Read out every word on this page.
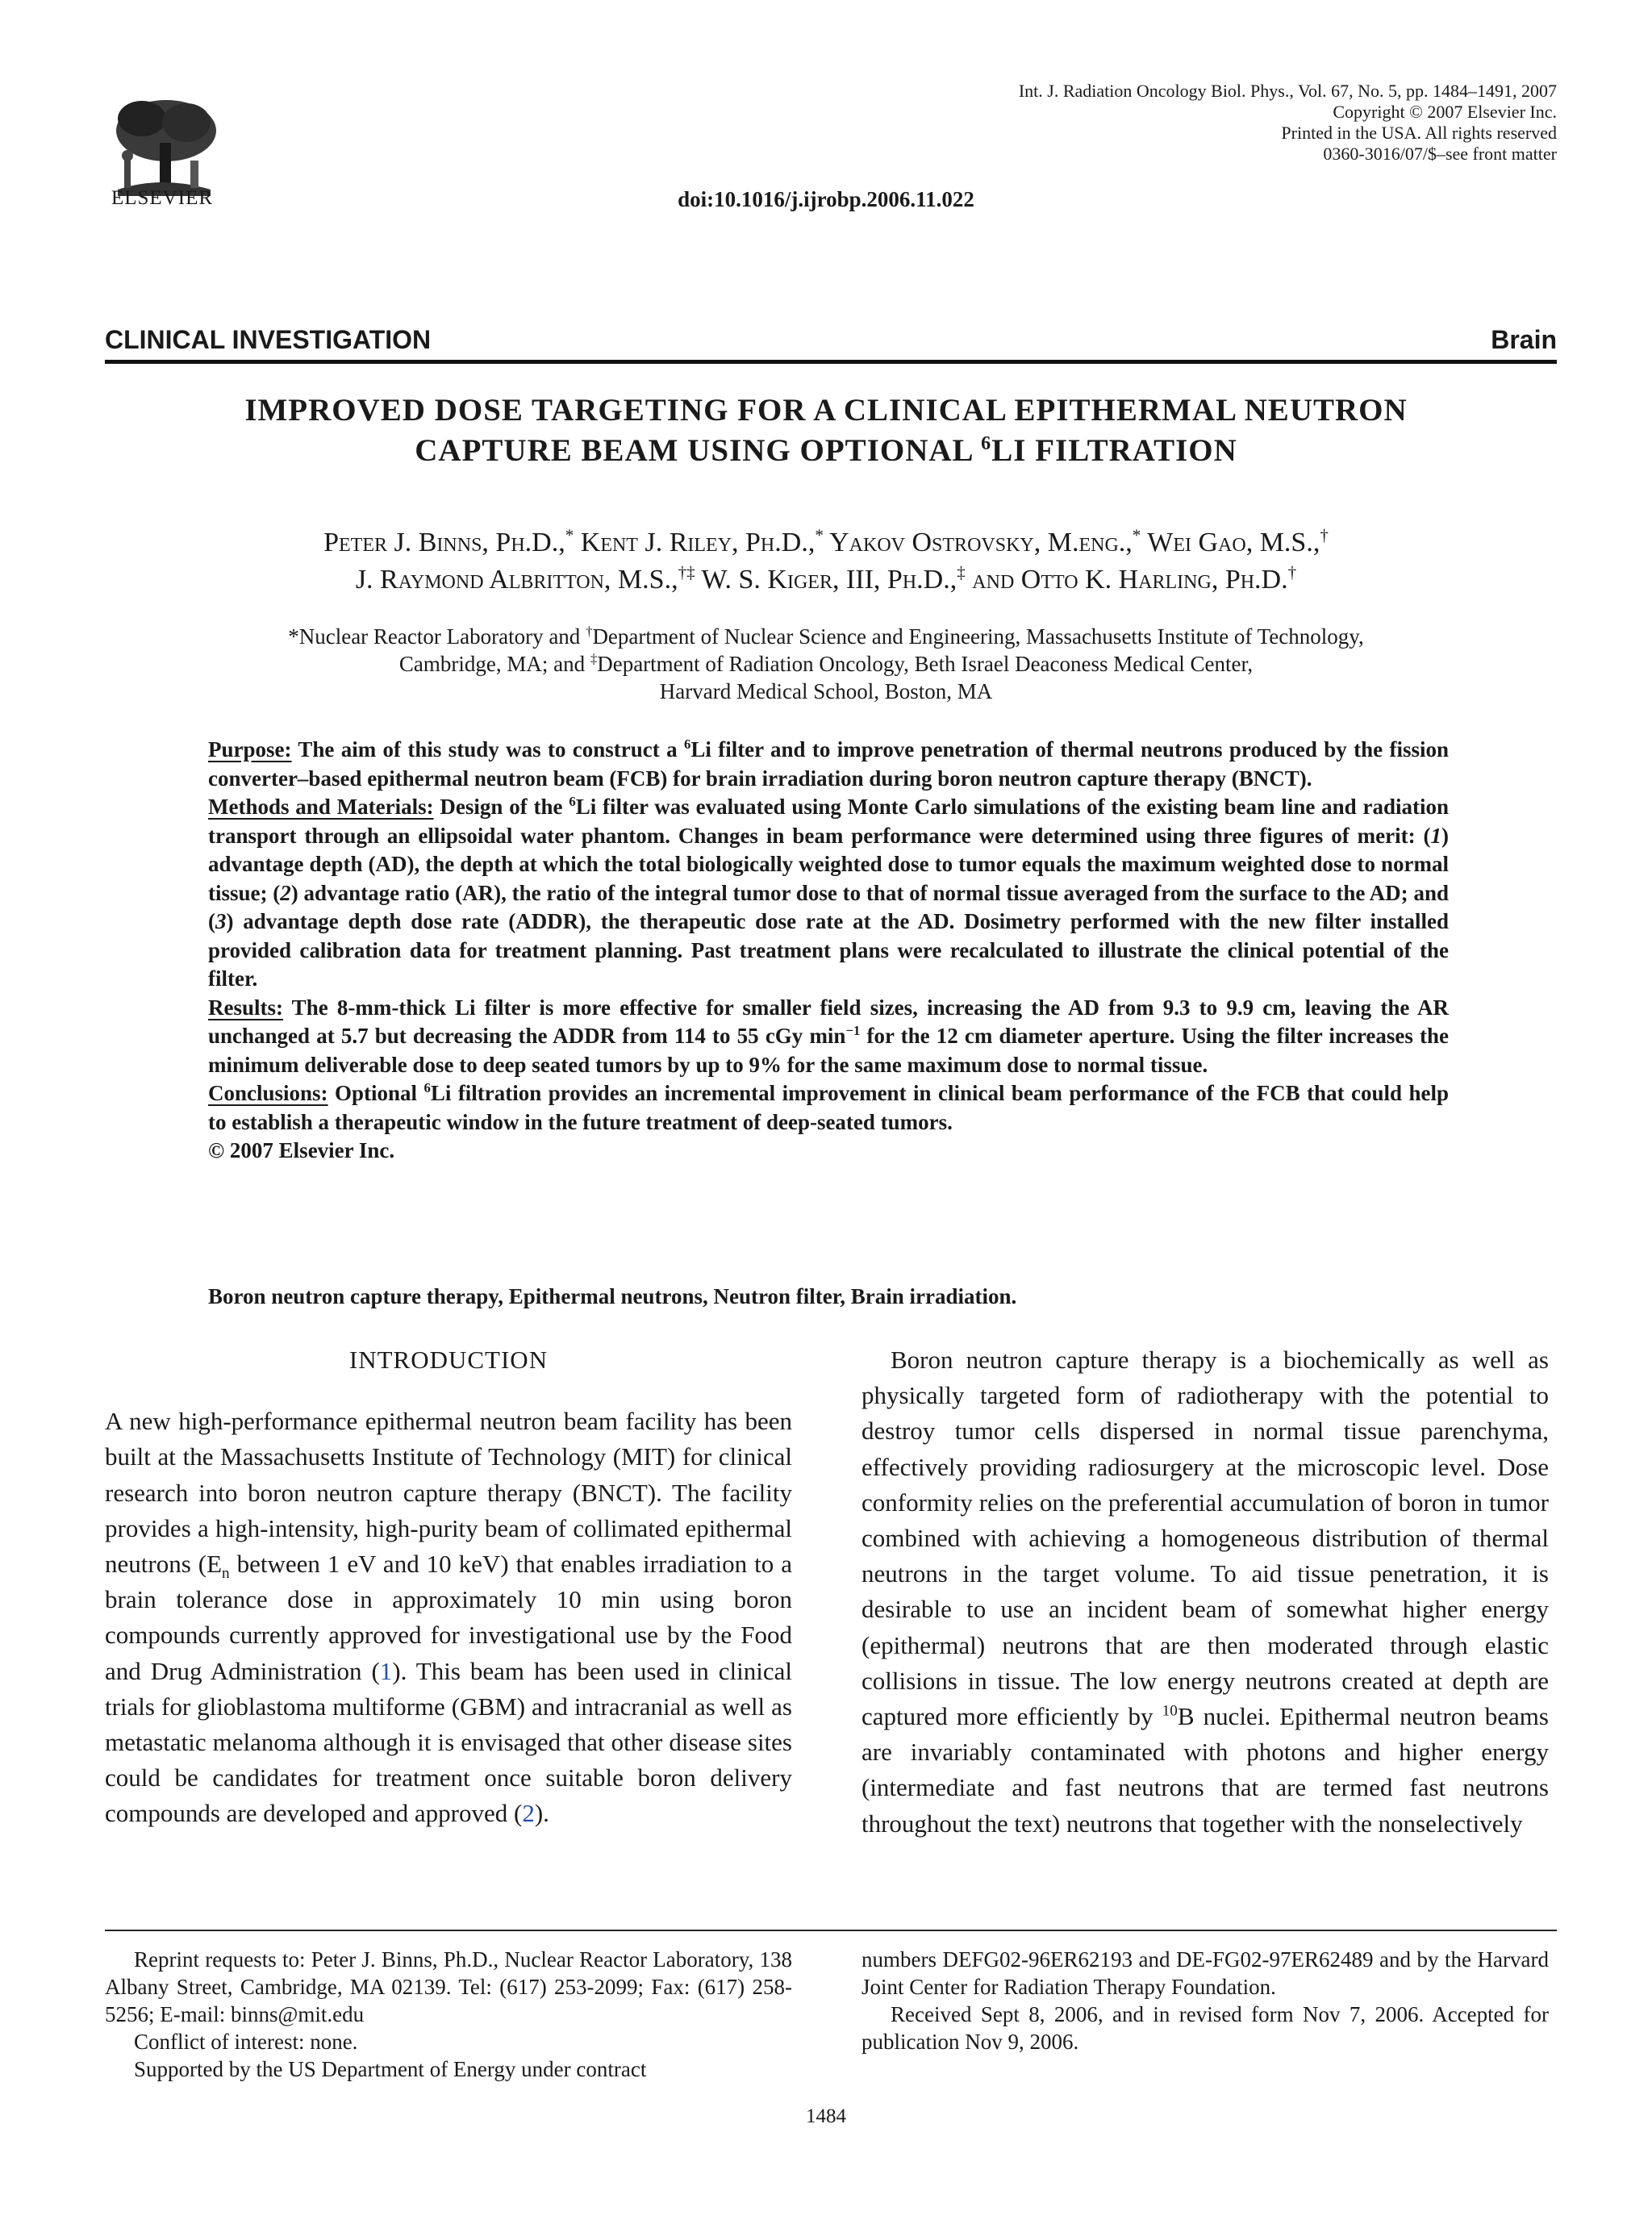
ELSEVIER
Int. J. Radiation Oncology Biol. Phys., Vol. 67, No. 5, pp. 1484–1491, 2007
Copyright © 2007 Elsevier Inc.
Printed in the USA. All rights reserved
0360-3016/07/$–see front matter
doi:10.1016/j.ijrobp.2006.11.022
CLINICAL INVESTIGATION	Brain
IMPROVED DOSE TARGETING FOR A CLINICAL EPITHERMAL NEUTRON
CAPTURE BEAM USING OPTIONAL $^6$LI FILTRATION
Peter J. Binns, Ph.D.,* Kent J. Riley, Ph.D.,* Yakov Ostrovsky, M.eng.,* Wei Gao, M.S.,†
J. Raymond Albritton, M.S.,†‡ W. S. Kiger, III, Ph.D.,‡ and Otto K. Harling, Ph.D.†
*Nuclear Reactor Laboratory and †Department of Nuclear Science and Engineering, Massachusetts Institute of Technology,
Cambridge, MA; and ‡Department of Radiation Oncology, Beth Israel Deaconess Medical Center,
Harvard Medical School, Boston, MA

Purpose: The aim of this study was to construct a $^6$Li filter and to improve penetration of thermal neutrons produced by the fission converter–based epithermal neutron beam (FCB) for brain irradiation during boron neutron capture therapy (BNCT).

Methods and Materials: Design of the $^6$Li filter was evaluated using Monte Carlo simulations of the existing beam line and radiation transport through an ellipsoidal water phantom. Changes in beam performance were determined using three figures of merit: (1) advantage depth (AD), the depth at which the total biologically weighted dose to tumor equals the maximum weighted dose to normal tissue; (2) advantage ratio (AR), the ratio of the integral tumor dose to that of normal tissue averaged from the surface to the AD; and (3) advantage depth dose rate (ADDR), the therapeutic dose rate at the AD. Dosimetry performed with the new filter installed provided calibration data for treatment planning. Past treatment plans were recalculated to illustrate the clinical potential of the filter.

Results: The 8-mm-thick Li filter is more effective for smaller field sizes, increasing the AD from 9.3 to 9.9 cm, leaving the AR unchanged at 5.7 but decreasing the ADDR from 114 to 55 cGy $\min^{-1}$ for the 12 cm diameter aperture. Using the filter increases the minimum deliverable dose to deep seated tumors by up to 9% for the same maximum dose to normal tissue.

Conclusions: Optional $^6$Li filtration provides an incremental improvement in clinical beam performance of the FCB that could help to establish a therapeutic window in the future treatment of deep-seated tumors.

© 2007 Elsevier Inc.

Boron neutron capture therapy, Epithermal neutrons, Neutron filter, Brain irradiation.

INTRODUCTION

A new high-performance epithermal neutron beam facility has been built at the Massachusetts Institute of Technology (MIT) for clinical research into boron neutron capture therapy (BNCT). The facility provides a high-intensity, high-purity beam of collimated epithermal neutrons ($E_n$ between 1 eV and 10 keV) that enables irradiation to a brain tolerance dose in approximately 10 min using boron compounds currently approved for investigational use by the Food and Drug Administration (1). This beam has been used in clinical trials for glioblastoma multiforme (GBM) and intracranial as well as metastatic melanoma although it is envisaged that other disease sites could be candidates for treatment once suitable boron delivery compounds are developed and approved (2).

Boron neutron capture therapy is a biochemically as well as physically targeted form of radiotherapy with the potential to destroy tumor cells dispersed in normal tissue parenchyma, effectively providing radiosurgery at the microscopic level. Dose conformity relies on the preferential accumulation of boron in tumor combined with achieving a homogeneous distribution of thermal neutrons in the target volume. To aid tissue penetration, it is desirable to use an incident beam of somewhat higher energy (epithermal) neutrons that are then moderated through elastic collisions in tissue. The low energy neutrons created at depth are captured more efficiently by $^{10}$B nuclei. Epithermal neutron beams are invariably contaminated with photons and higher energy (intermediate and fast neutrons that are termed fast neutrons throughout the text) neutrons that together with the nonselectively

Reprint requests to: Peter J. Binns, Ph.D., Nuclear Reactor Laboratory, 138 Albany Street, Cambridge, MA 02139. Tel: (617) 253-2099; Fax: (617) 258-5256; E-mail: binns@mit.edu

Conflict of interest: none.

Supported by the US Department of Energy under contract

numbers DEFG02-96ER62193 and DE-FG02-97ER62489 and by the Harvard Joint Center for Radiation Therapy Foundation.

Received Sept 8, 2006, and in revised form Nov 7, 2006. Accepted for publication Nov 9, 2006.

1484
